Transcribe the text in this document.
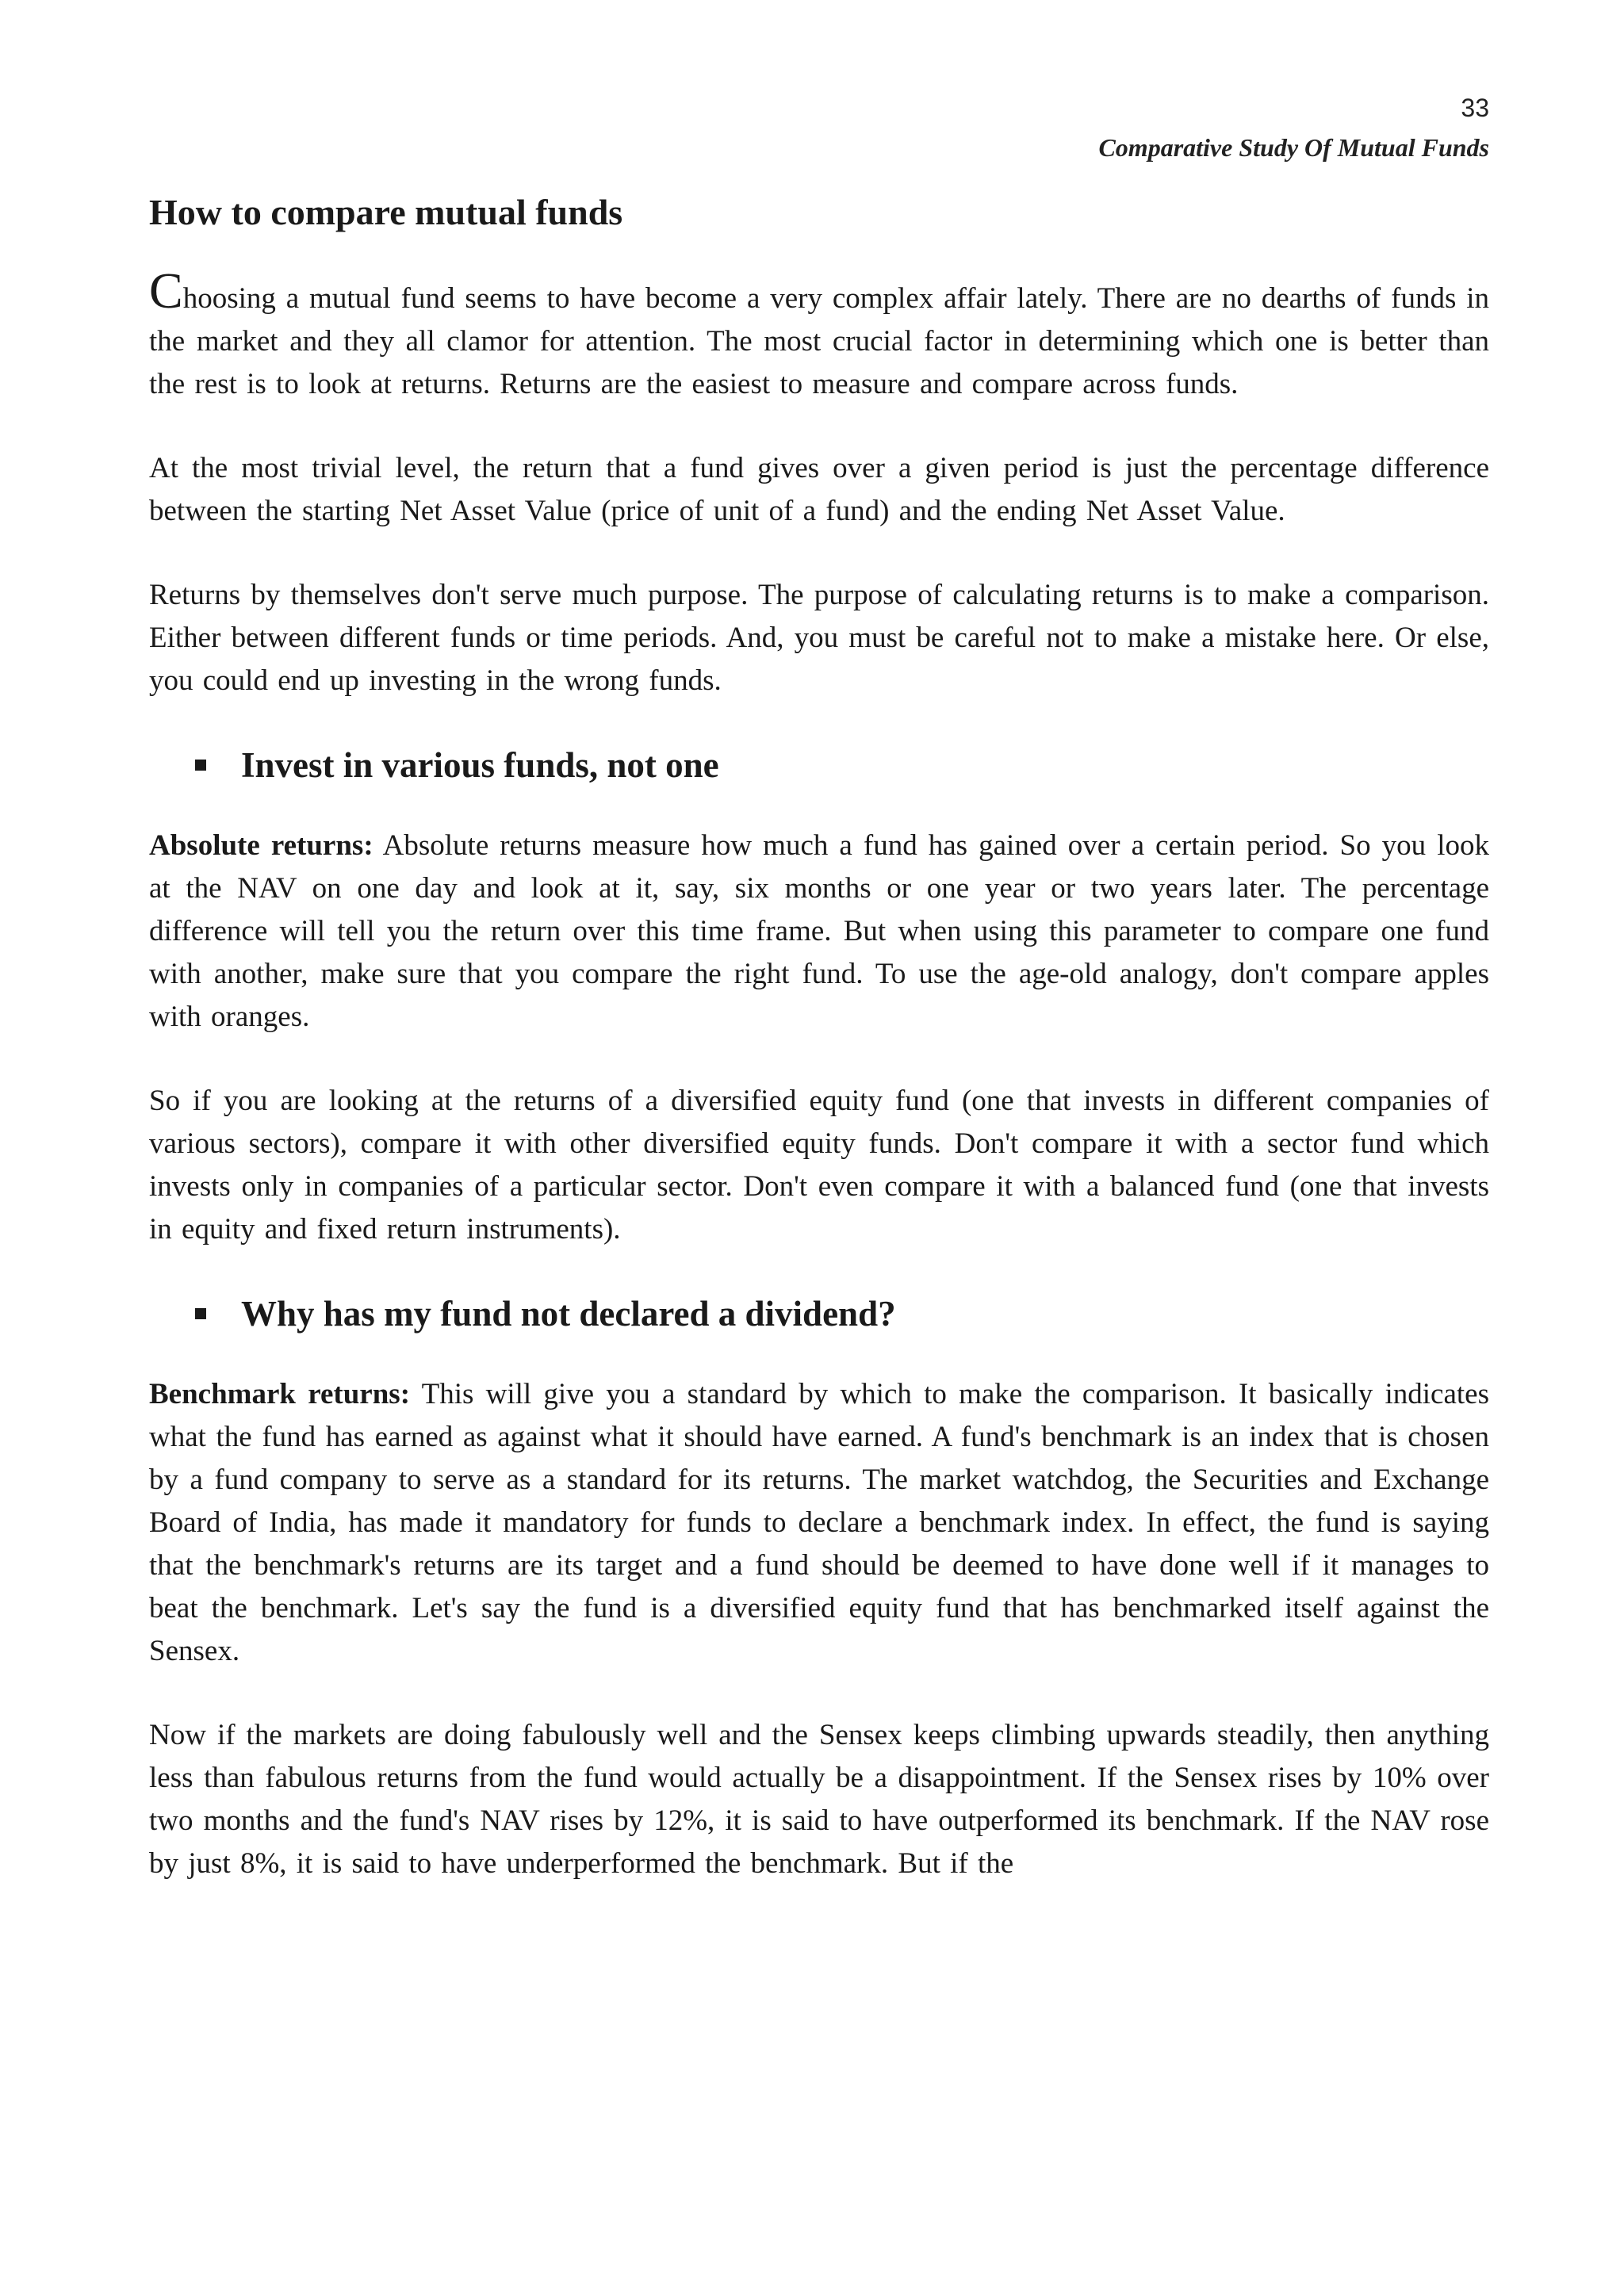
33
Comparative Study Of Mutual Funds
How to compare mutual funds

Choosing a mutual fund seems to have become a very complex affair lately. There are no dearths of funds in the market and they all clamor for attention. The most crucial factor in determining which one is better than the rest is to look at returns. Returns are the easiest to measure and compare across funds.

At the most trivial level, the return that a fund gives over a given period is just the percentage difference between the starting Net Asset Value (price of unit of a fund) and the ending Net Asset Value.

Returns by themselves don't serve much purpose. The purpose of calculating returns is to make a comparison. Either between different funds or time periods. And, you must be careful not to make a mistake here. Or else, you could end up investing in the wrong funds.

Invest in various funds, not one

Absolute returns: Absolute returns measure how much a fund has gained over a certain period. So you look at the NAV on one day and look at it, say, six months or one year or two years later. The percentage difference will tell you the return over this time frame. But when using this parameter to compare one fund with another, make sure that you compare the right fund. To use the age-old analogy, don't compare apples with oranges.

So if you are looking at the returns of a diversified equity fund (one that invests in different companies of various sectors), compare it with other diversified equity funds. Don't compare it with a sector fund which invests only in companies of a particular sector. Don't even compare it with a balanced fund (one that invests in equity and fixed return instruments).

Why has my fund not declared a dividend?

Benchmark returns: This will give you a standard by which to make the comparison. It basically indicates what the fund has earned as against what it should have earned. A fund's benchmark is an index that is chosen by a fund company to serve as a standard for its returns. The market watchdog, the Securities and Exchange Board of India, has made it mandatory for funds to declare a benchmark index. In effect, the fund is saying that the benchmark's returns are its target and a fund should be deemed to have done well if it manages to beat the benchmark. Let's say the fund is a diversified equity fund that has benchmarked itself against the Sensex.

Now if the markets are doing fabulously well and the Sensex keeps climbing upwards steadily, then anything less than fabulous returns from the fund would actually be a disappointment. If the Sensex rises by 10% over two months and the fund's NAV rises by 12%, it is said to have outperformed its benchmark. If the NAV rose by just 8%, it is said to have underperformed the benchmark. But if the
